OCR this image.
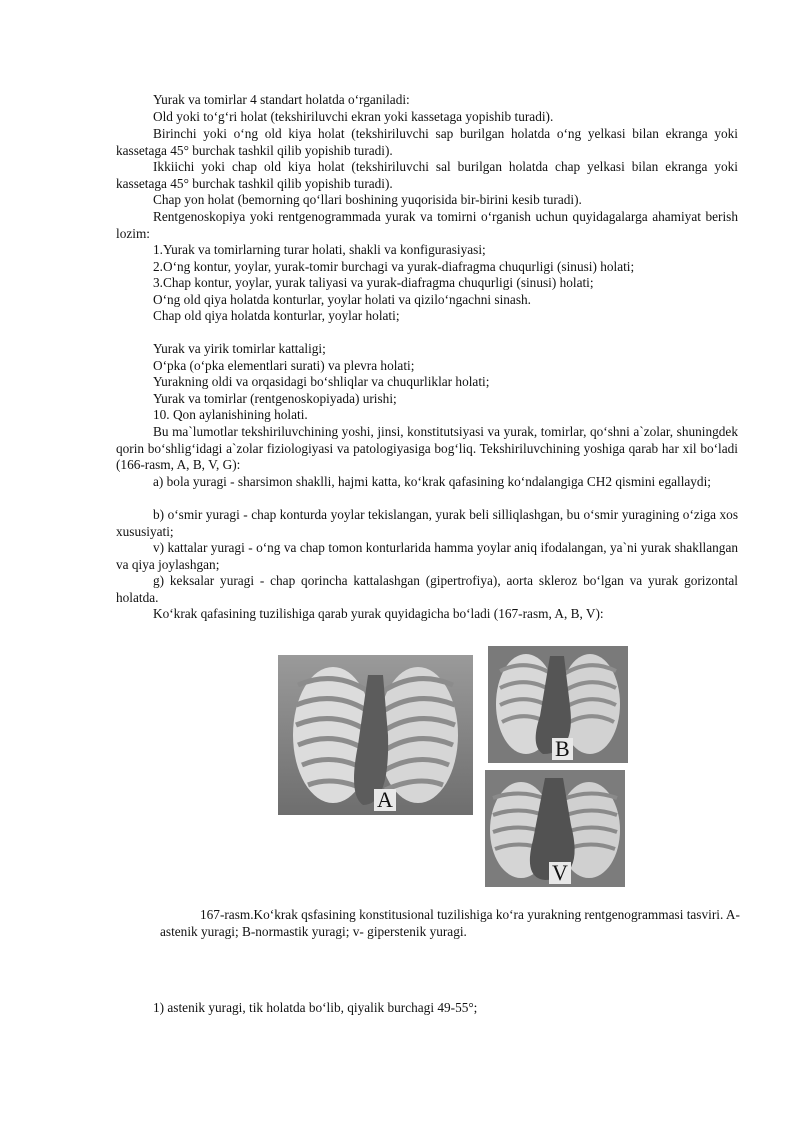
Yurak va tomirlar 4 standart holatda o‘rganiladi:
Old yoki to‘g‘ri holat (tekshiriluvchi ekran yoki kassetaga yopishib turadi).
Birinchi yoki o‘ng old kiya holat (tekshiriluvchi sap burilgan holatda o‘ng yelkasi bilan ekranga yoki kassetaga 45° burchak tashkil qilib yopishib turadi).
Ikkiichi yoki chap old kiya holat (tekshiriluvchi sal burilgan holatda chap yelkasi bilan ekranga yoki kassetaga 45° burchak tashkil qilib yopishib turadi).
Chap yon holat (bemorning qo‘llari boshining yuqorisida bir-birini kesib turadi).
Rentgenoskopiya yoki rentgenogrammada yurak va tomirni o‘rganish uchun quyidagalarga ahamiyat berish lozim:
1.Yurak va tomirlarning turar holati, shakli va konfigurasiyasi;
2.O‘ng kontur, yoylar, yurak-tomir burchagi va yurak-diafragma chuqurligi (sinusi) holati;
3.Chap kontur, yoylar, yurak taliyasi va yurak-diafragma chuqurligi (sinusi) holati;
O‘ng old qiya holatda konturlar, yoylar holati va qizilo‘ngachni sinash.
Chap old qiya holatda konturlar, yoylar holati;
Yurak va yirik tomirlar kattaligi;
O‘pka (o‘pka elementlari surati) va plevra holati;
Yurakning oldi va orqasidagi bo‘shliqlar va chuqurliklar holati;
Yurak va tomirlar (rentgenoskopiyada) urishi;
10. Qon aylanishining holati.
Bu ma`lumotlar tekshiriluvchining yoshi, jinsi, konstitutsiyasi va yurak, tomirlar, qo‘shni a`zolar, shuningdek qorin bo‘shlig‘idagi a`zolar fiziologiyasi va patologiyasiga bog‘liq. Tekshiriluvchining yoshiga qarab har xil bo‘ladi (166-rasm, A, B, V, G):
a) bola yuragi - sharsimon shaklli, hajmi katta, ko‘krak qafasining ko‘ndalangiga CH2 qismini egallaydi;
b) o‘smir yuragi - chap konturda yoylar tekislangan, yurak beli silliqlashgan, bu o‘smir yuragining o‘ziga xos xususiyati;
v) kattalar yuragi - o‘ng va chap tomon konturlarida hamma yoylar aniq ifodalangan, ya`ni yurak shakllangan va qiya joylashgan;
g) keksalar yuragi - chap qorincha kattalashgan (gipertrofiya), aorta skleroz bo‘lgan va yurak gorizontal holatda.
Ko‘krak qafasining tuzilishiga qarab yurak quyidagicha bo‘ladi (167-rasm, A, B, V):
A
B
V
167-rasm.Ko‘krak qsfasining konstitusional tuzilishiga ko‘ra yurakning rentgenogrammasi tasviri. A-astenik yuragi; B-normastik yuragi; v- giperstenik yuragi.
1) astenik yuragi, tik holatda bo‘lib, qiyalik burchagi 49-55°;
